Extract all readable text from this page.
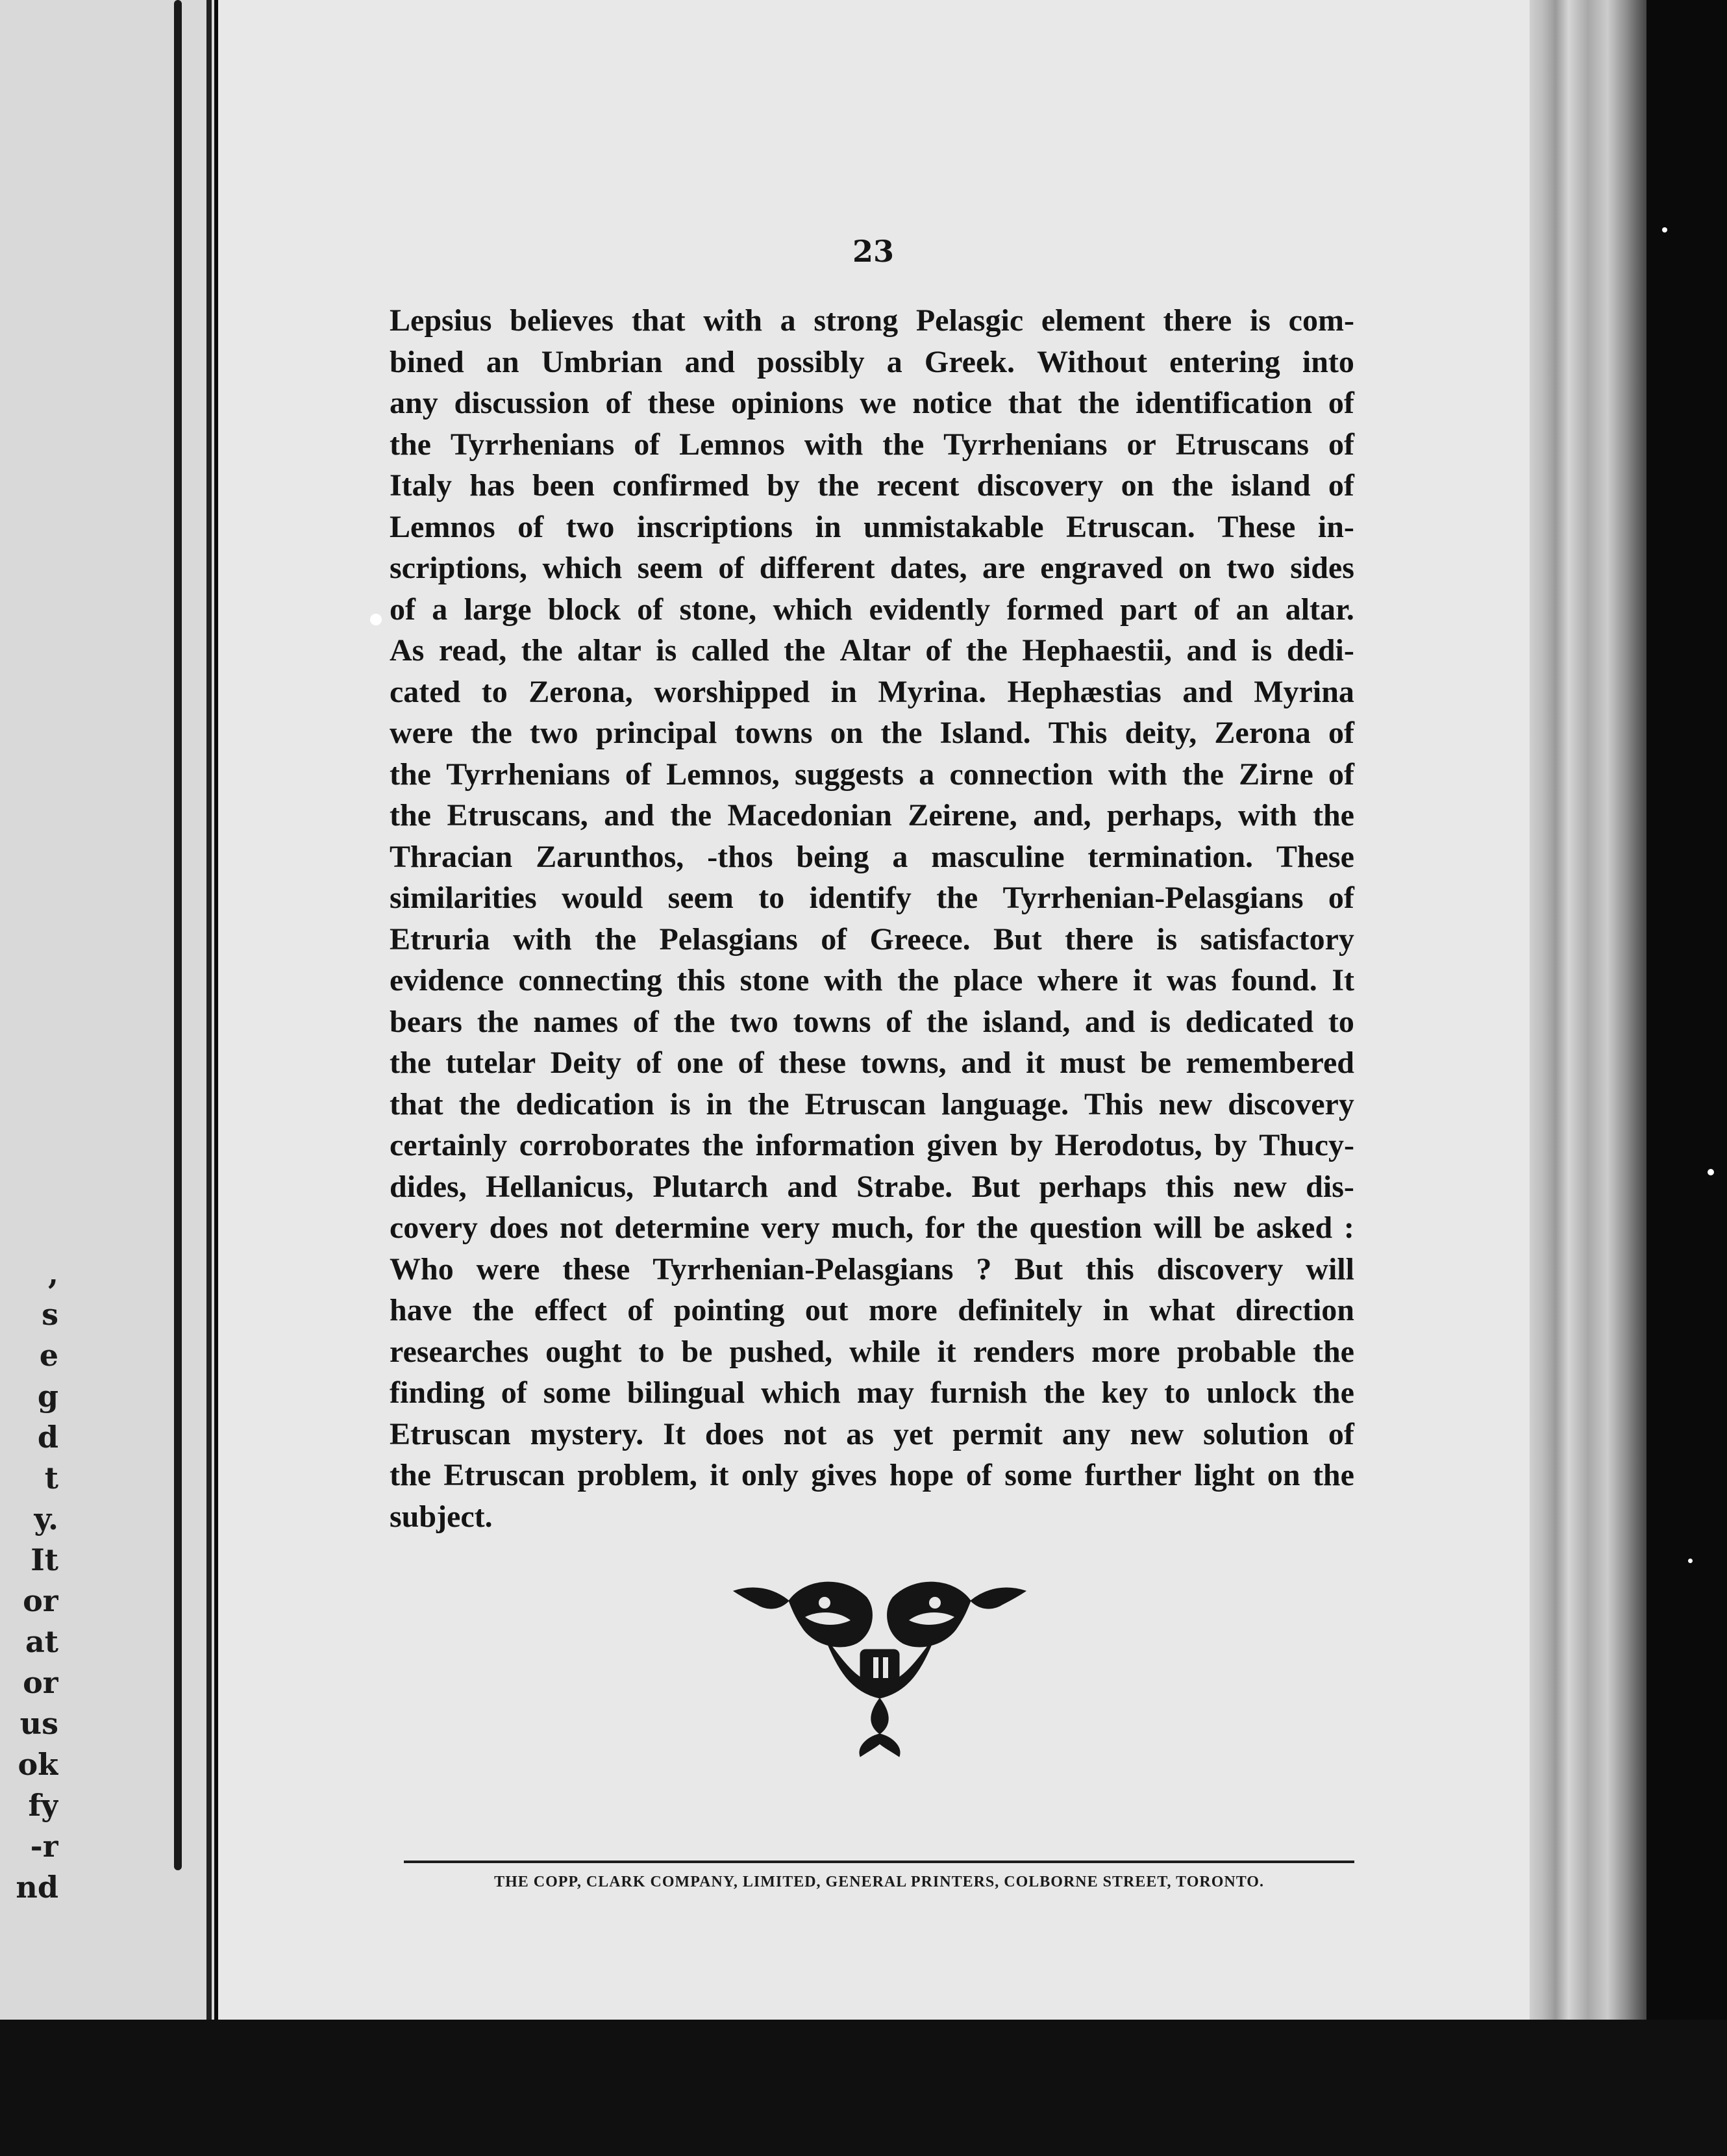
,
s
e
g
d
t
y.
It
or
at
or
us
ok
fy
-r
nd
23
Lepsius believes that with a strong Pelasgic element there is com-
bined an Umbrian and possibly a Greek. Without entering into
any discussion of these opinions we notice that the identification of
the Tyrrhenians of Lemnos with the Tyrrhenians or Etruscans of
Italy has been confirmed by the recent discovery on the island of
Lemnos of two inscriptions in unmistakable Etruscan. These in-
scriptions, which seem of different dates, are engraved on two sides
of a large block of stone, which evidently formed part of an altar.
As read, the altar is called the Altar of the Hephaestii, and is dedi-
cated to Zerona, worshipped in Myrina. Hephæstias and Myrina
were the two principal towns on the Island. This deity, Zerona of
the Tyrrhenians of Lemnos, suggests a connection with the Zirne of
the Etruscans, and the Macedonian Zeirene, and, perhaps, with the
Thracian Zarunthos, -thos being a masculine termination. These
similarities would seem to identify the Tyrrhenian-Pelasgians of
Etruria with the Pelasgians of Greece. But there is satisfactory
evidence connecting this stone with the place where it was found. It
bears the names of the two towns of the island, and is dedicated to
the tutelar Deity of one of these towns, and it must be remembered
that the dedication is in the Etruscan language. This new discovery
certainly corroborates the information given by Herodotus, by Thucy-
dides, Hellanicus, Plutarch and Strabe. But perhaps this new dis-
covery does not determine very much, for the question will be asked :
Who were these Tyrrhenian-Pelasgians ? But this discovery will
have the effect of pointing out more definitely in what direction
researches ought to be pushed, while it renders more probable the
finding of some bilingual which may furnish the key to unlock the
Etruscan mystery. It does not as yet permit any new solution of
the Etruscan problem, it only gives hope of some further light on the
subject.
THE COPP, CLARK COMPANY, LIMITED, GENERAL PRINTERS, COLBORNE STREET, TORONTO.
